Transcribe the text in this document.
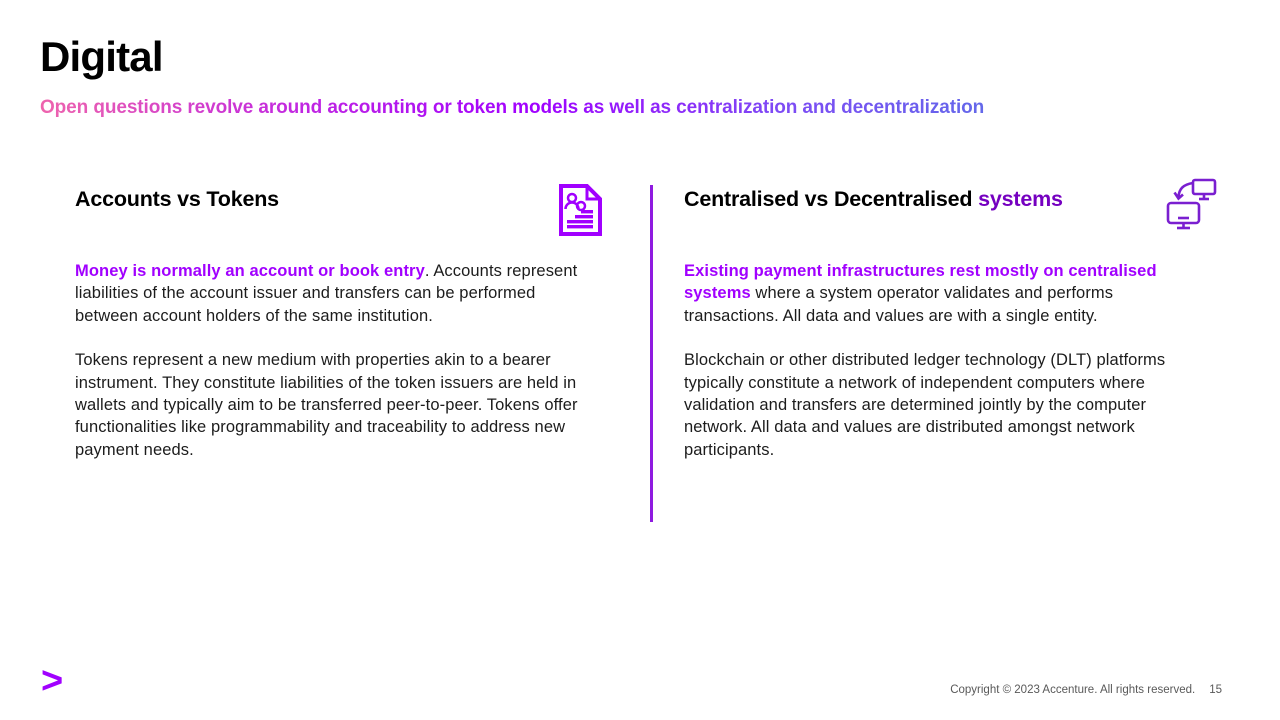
Digital
Open questions revolve around accounting or token models as well as centralization and decentralization
Accounts vs Tokens

Money is normally an account or book entry. Accounts represent liabilities of the account issuer and transfers can be performed between account holders of the same institution.

Tokens represent a new medium with properties akin to a bearer instrument. They constitute liabilities of the token issuers are held in wallets and typically aim to be transferred peer-to-peer. Tokens offer functionalities like programmability and traceability to address new payment needs.

Centralised vs Decentralised systems

Existing payment infrastructures rest mostly on centralised systems where a system operator validates and performs transactions. All data and values are with a single entity.

Blockchain or other distributed ledger technology (DLT) platforms typically constitute a network of independent computers where validation and transfers are determined jointly by the computer network. All data and values are distributed amongst network participants.

>	Copyright © 2023 Accenture. All rights reserved. 15
